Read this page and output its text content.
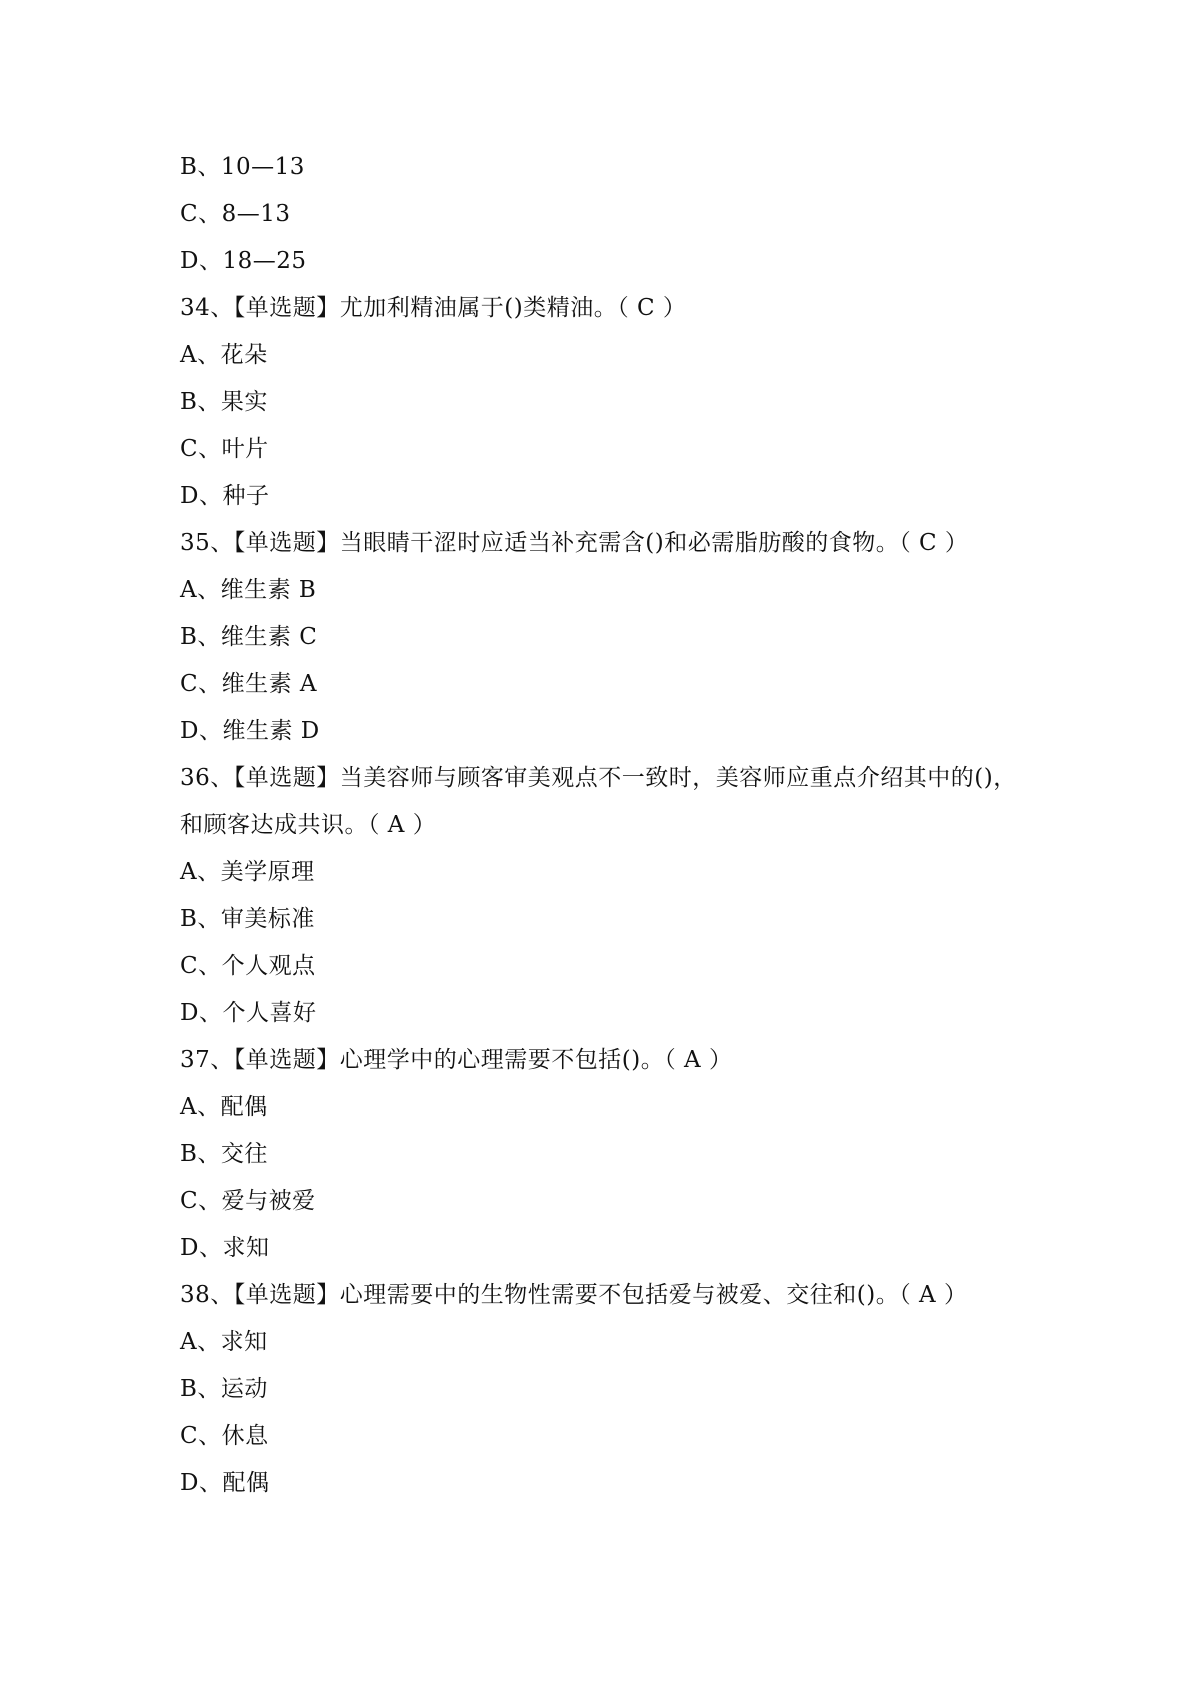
B、10—13
C、8—13
D、18—25
34、【单选题】尤加利精油属于()类精油。（ C ）
A、花朵
B、果实
C、叶片
D、种子
35、【单选题】当眼睛干涩时应适当补充需含()和必需脂肪酸的食物。（ C ）
A、维生素 B
B、维生素 C
C、维生素 A
D、维生素 D
36、【单选题】当美容师与顾客审美观点不一致时，美容师应重点介绍其中的()，
和顾客达成共识。（ A ）
A、美学原理
B、审美标准
C、个人观点
D、个人喜好
37、【单选题】心理学中的心理需要不包括()。（ A ）
A、配偶
B、交往
C、爱与被爱
D、求知
38、【单选题】心理需要中的生物性需要不包括爱与被爱、交往和()。（ A ）
A、求知
B、运动
C、休息
D、配偶
